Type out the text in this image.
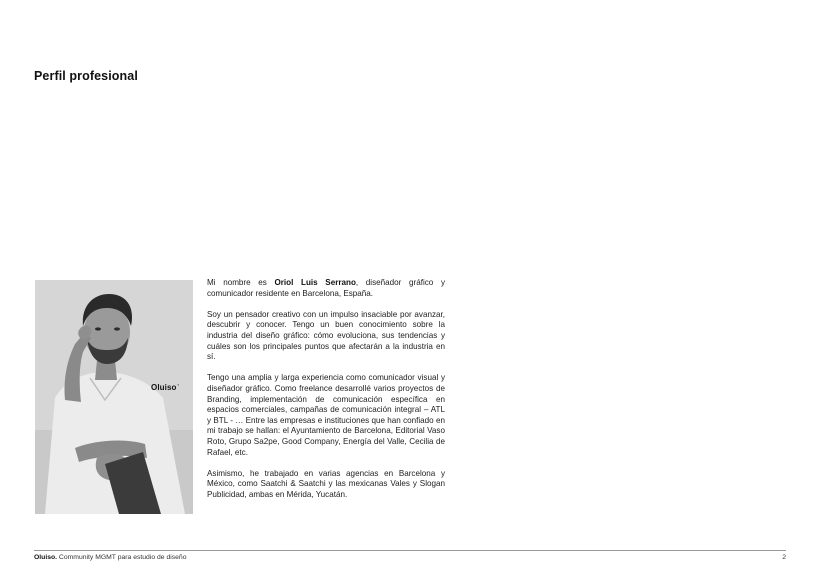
Perfil profesional
Oluiso°

Mi nombre es Oriol Luis Serrano, diseñador gráfico y comunicador residente en Barcelona, España.

Soy un pensador creativo con un impulso insaciable por avanzar, descubrir y conocer. Tengo un buen conocimiento sobre la industria del diseño gráfico: cómo evoluciona, sus tendencias y cuáles son los principales puntos que afectarán a la industria en sí.

Tengo una amplia y larga experiencia como comunicador visual y diseñador gráfico. Como freelance desarrollé varios proyectos de Branding, implementación de comunicación específica en espacios comerciales, campañas de comunicación integral – ATL y BTL - … Entre las empresas e instituciones que han confiado en mi trabajo se hallan: el Ayuntamiento de Barcelona, Editorial Vaso Roto, Grupo Sa2pe, Good Company, Energía del Valle, Cecilia de Rafael, etc.

Asimismo, he trabajado en varias agencias en Barcelona y México, como Saatchi & Saatchi y las mexicanas Vales y Slogan Publicidad, ambas en Mérida, Yucatán.

Oluiso. Community MGMT para estudio de diseño	2
